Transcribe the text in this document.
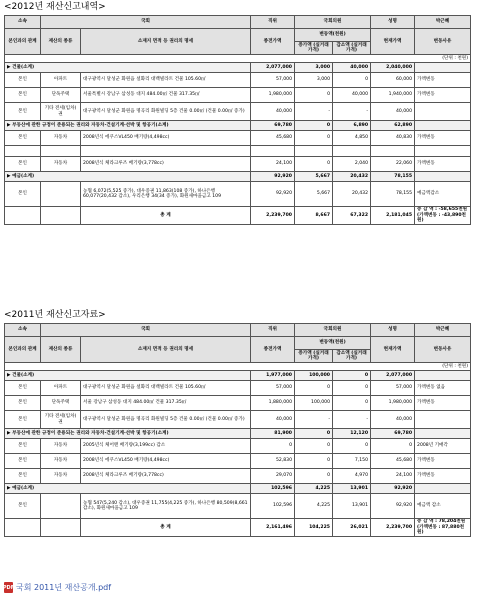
<2012년 재산신고내역>
소속	국회		직위	국회의원		성명	박근혜
본인과의 관계	재산의 종류	소재지 면적 등 권리의 명세	종전가액	변동액(천원)		현재가액	변동사유
				증가액 (실거래가격)	감소액 (실거래가격)		
(단위 : 천원)							
▶ 건물(소계)			2,077,000	3,000	40,000	2,040,000	
본인	아파트	대구광역시 달성군 화원읍 설화리 대백빌라트 건물 105.60㎡	57,000	3,000	0	60,000	가액변동
본인	단독주택	서울특별시 강남구 삼성동 대지 484.00㎡ 건물 317.35㎡	1,980,000	0	40,000	1,940,000	가액변동
본인	기타 전세(임차)권	대구광역시 달성군 화원읍 명곡리 화원빌딩 5층 건물 0.00㎡ (건물 0.00㎡ 증가)	40,000	-	-	40,000	
▶ 부동산에 관한 규정이 준용되는 권리와 자동차·건설기계·선박 및 항공기(소계)			69,780	0	6,890	62,890	
본인	자동차	2008년식 에쿠스VL450 배기량(4,498cc)	45,680	0	4,850	40,830	가액변동

본인	자동차	2008년식 체라크루즈 배기량(3,778cc)	24,100	0	2,040	22,060	가액변동
▶ 예금(소계)			92,920	5,667	20,432	78,155	
본인		농협 6,072(5,525 증가), 대우증권 11,863(108 증가), 하나은행 60,077(20,432 감소), 우리은행 34(34 증가), 화원새마을금고 109	92,920	5,667	20,432	78,155	예금액감소
		총 계	2,239,700	8,667	67,322	2,181,045	증 감 액 : -58,655천원
(가액변동 : -43,890천원)
<2011년 재산신고자료>
소속	국회		직위	국회의원		성명	박근혜
본인과의 관계	재산의 종류	소재지 면적 등 권리의 명세	종전가액	변동액(천원)		현재가액	변동사유
				증가액 (실거래가격)	감소액 (실거래가격)		
(단위 : 천원)							
▶ 건물(소계)			1,977,000	100,000	0	2,077,000	
본인	아파트	대구광역시 달성군 화원읍 설화리 대백빌라트 건물 105.60㎡	57,000	0	0	57,000	가액변동 없음
본인	단독주택	서울 강남구 삼성동 대지 484.00㎡ 건물 317.35㎡	1,880,000	100,000	0	1,980,000	가액변동
본인	기타 전세(임차)권	대구광역시 달성군 화원읍 명곡리 화원빌딩 5층 건물 0.00㎡ (건물 0.00㎡ 증가)	40,000	-	-	40,000	
▶ 부동산에 관한 규정이 준용되는 권리와 자동차·건설기계·선박 및 항공기(소계)			81,900	0	12,120	69,780	
본인	자동차	2005년식 체어맨 배기량(3,199cc) 감소	0	0	0	0	2008년 기매각
본인	자동차	2008년식 에쿠스VL450 배기량(4,498cc)	52,830	0	7,150	45,680	가액변동
본인	자동차	2008년식 체라크루즈 배기량(3,778cc)	29,070	0	4,970	24,100	가액변동
▶ 예금(소계)			102,596	4,225	13,901	92,920	
본인		농협 547(5,240 감소), 대우증권 11,755(4,225 증가), 하나은행 80,509(8,661 감소), 화원새마을금고 109	102,596	4,225	13,901	92,920	예금액 감소
		총 계	2,161,496	104,225	26,021	2,239,700	증 감 액 : 78,204천원
(가액변동 : 87,880천원)
PDF 국회 2011년 재산공개.pdf
